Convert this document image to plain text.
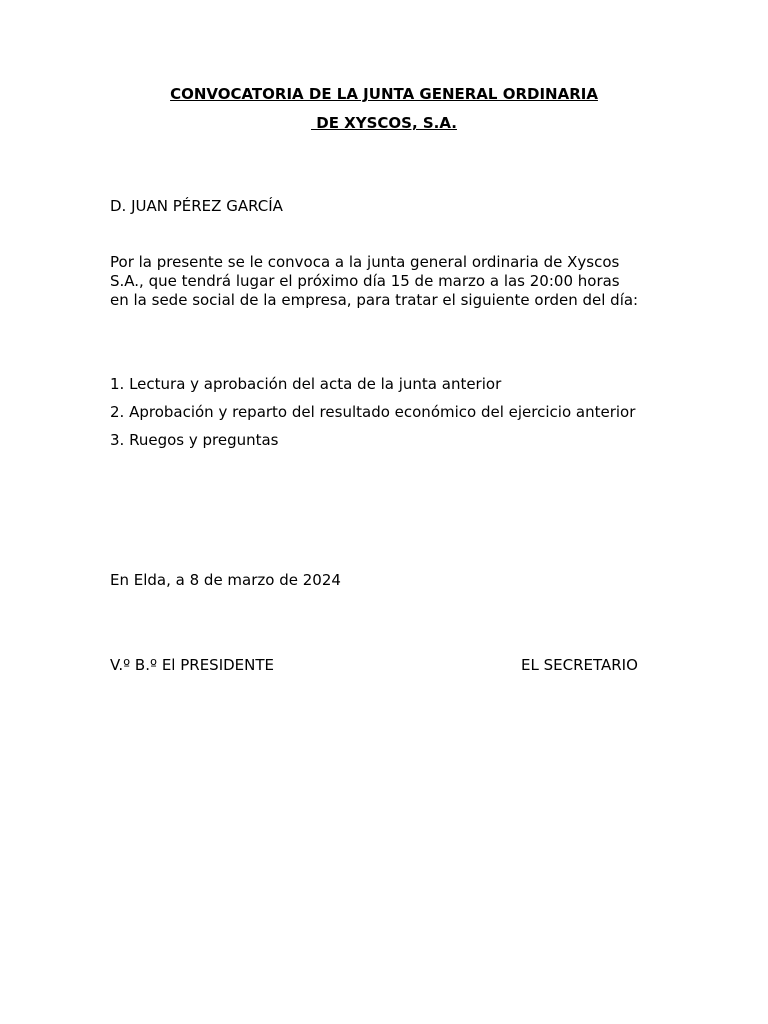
CONVOCATORIA DE LA JUNTA GENERAL ORDINARIA
DE XYSCOS, S.A.
D. JUAN PÉREZ GARCÍA
Por la presente se le convoca a la junta general ordinaria de Xyscos
S.A., que tendrá lugar el próximo día 15 de marzo a las 20:00 horas
en la sede social de la empresa, para tratar el siguiente orden del día:
1. Lectura y aprobación del acta de la junta anterior
2. Aprobación y reparto del resultado económico del ejercicio anterior
3. Ruegos y preguntas
En Elda, a 8 de marzo de 2024
V.º B.º El PRESIDENTE	EL SECRETARIO
